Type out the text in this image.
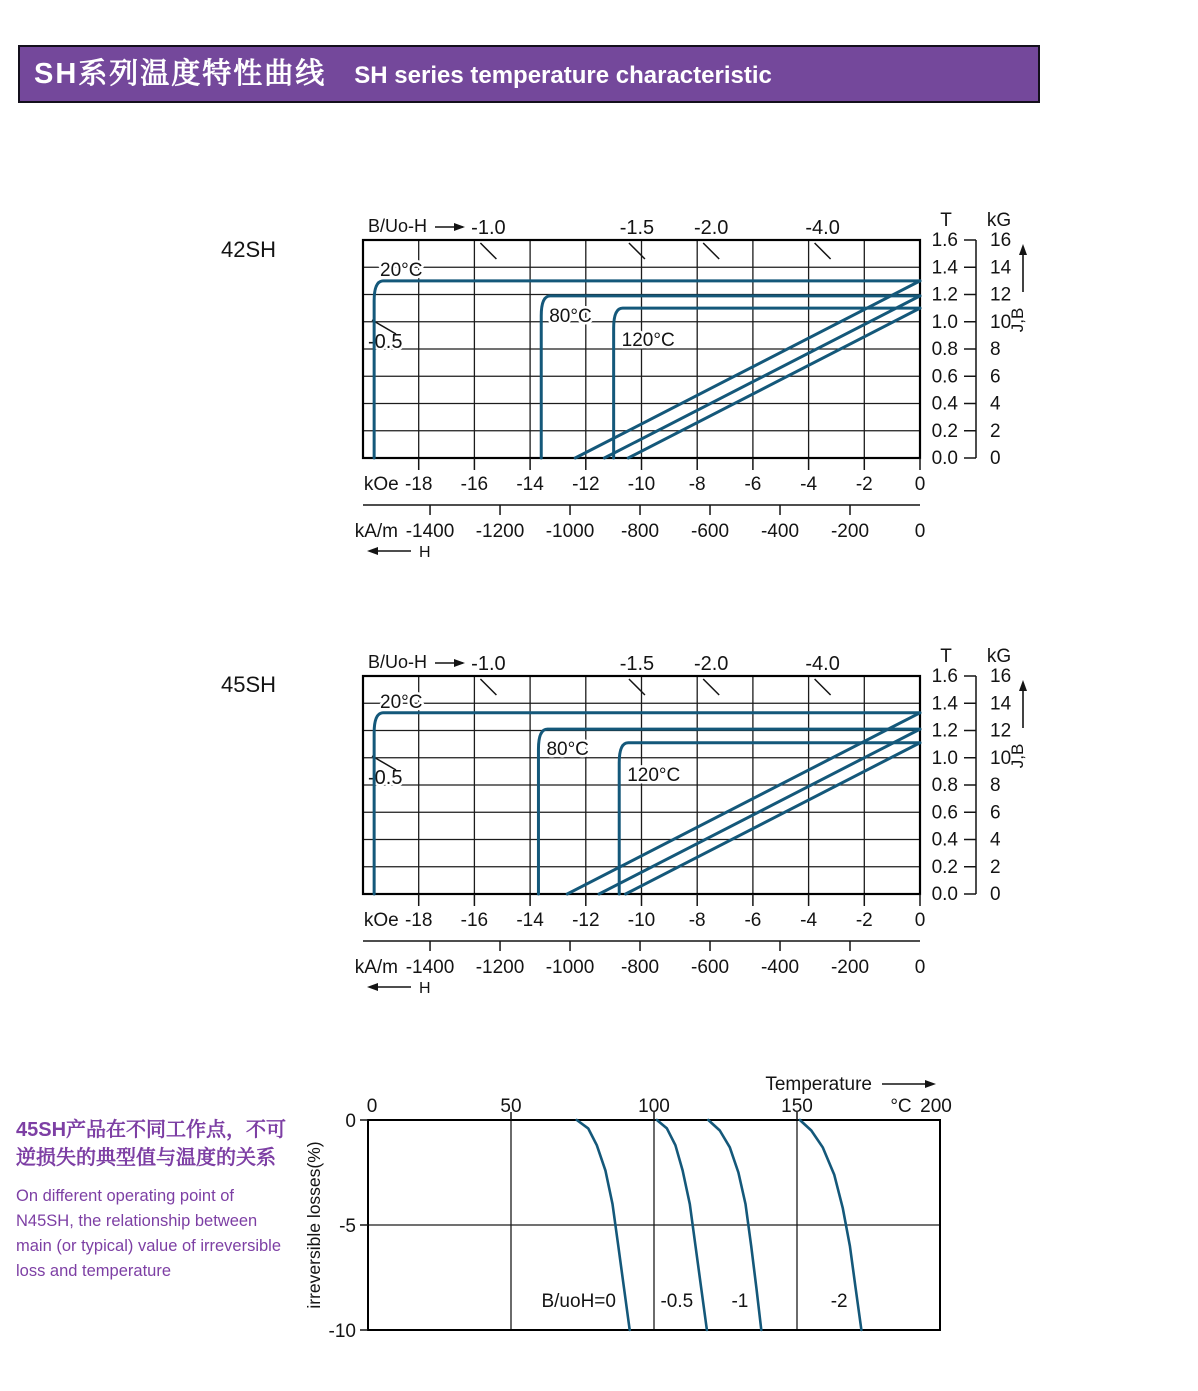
SH系列温度特性曲线 SH series temperature characteristic
42SH
45SH
B/Uo-H -1.0	-1.5 -2.0	-4.0
-0.5
20°C
80°C
120°C
-18 -16 -14 -12 -10 -8 -6 -4 -2 0
kOe
-1400 -1200 -1000 -800 -600 -400 -200 0
kA/m
H
T kG
1.6 16
1.4 14
1.2 12
1.0 10
0.8 8
0.6 6
0.4 4
0.2 2
0.0 0
J,B
B/Uo-H -1.0	-1.5 -2.0	-4.0
-0.5
20°C
80°C
120°C
-18 -16 -14 -12 -10 -8 -6 -4 -2 0
kOe
-1400 -1200 -1000 -800 -600 -400 -200 0
kA/m
H
T kG
1.6 16
1.4 14
1.2 12
1.0 10
0.8 8
0.6 6
0.4 4
0.2 2
0.0 0
J,B
45SH产品在不同工作点，不可
逆损失的典型值与温度的关系
On different operating point of
N45SH, the relationship between
main (or typical) value of irreversible
loss and temperature
0	50	100	150	200
°C
Temperature
0
-5
-10
irreversible losses(%)	B/uoH=0 -0.5 -1	-2
